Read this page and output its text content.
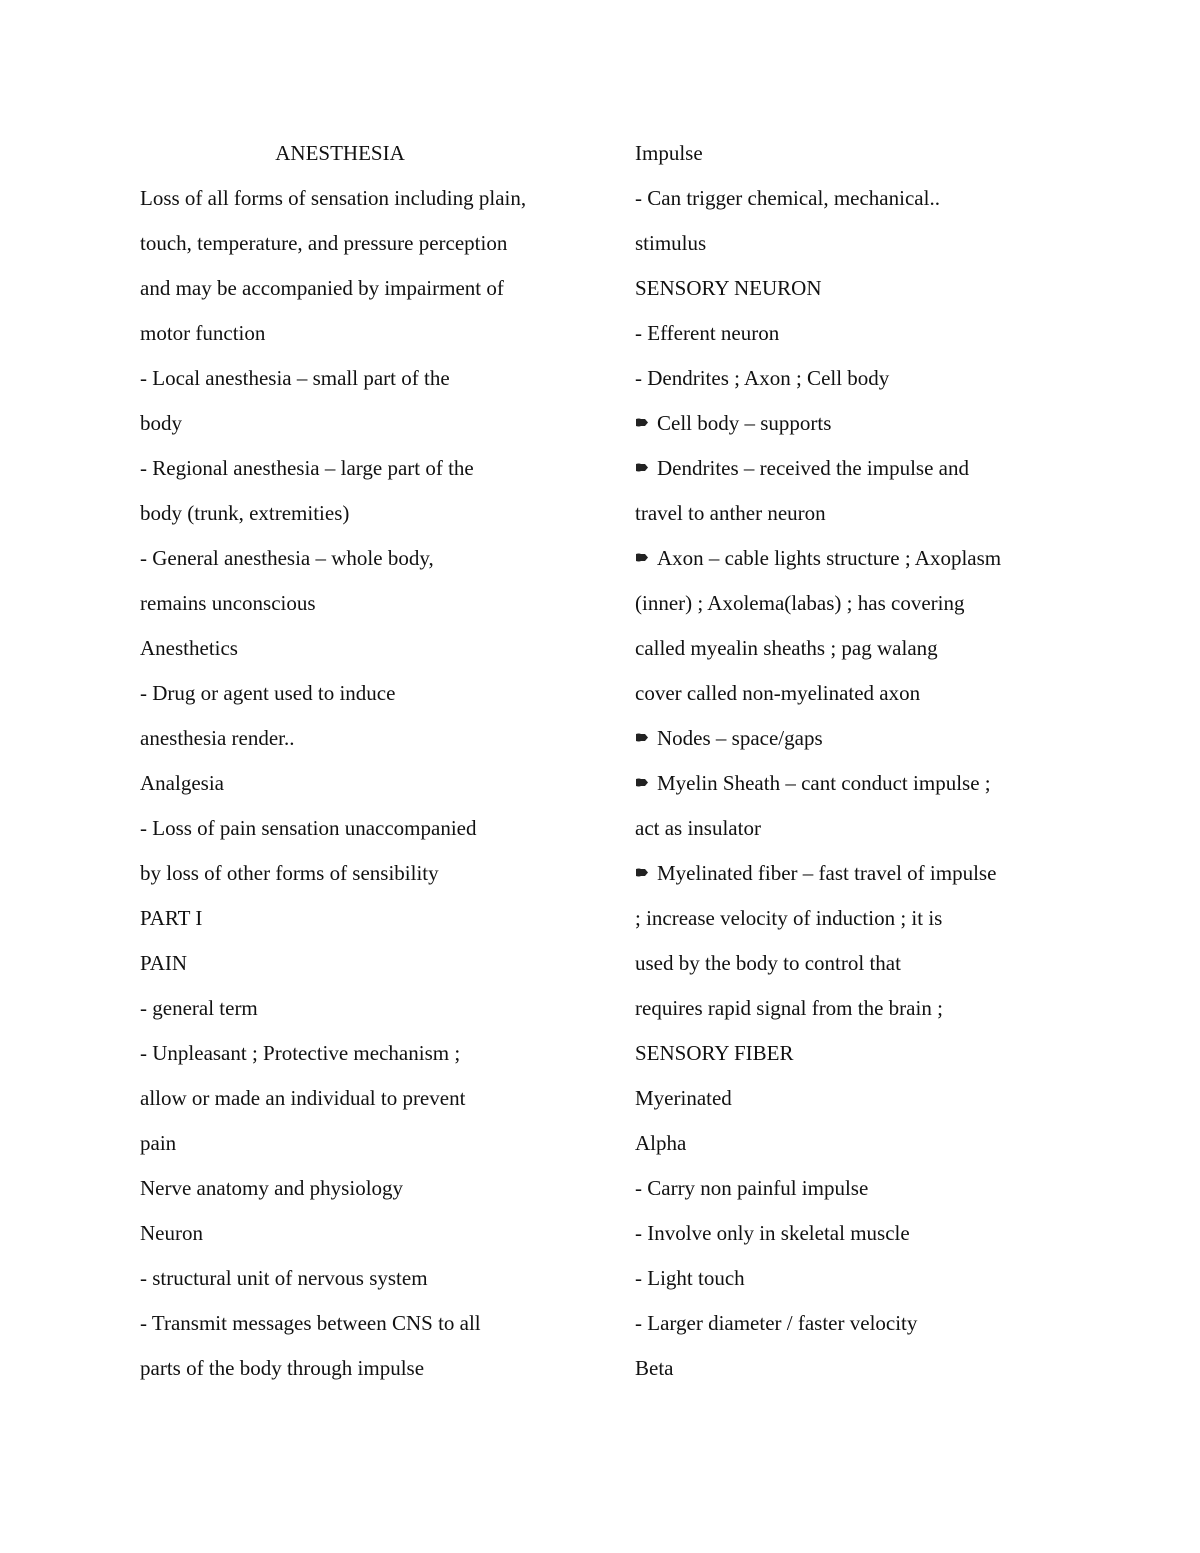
ANESTHESIA
Loss of all forms of sensation including plain,
touch, temperature, and pressure perception
and may be accompanied by impairment of
motor function
- Local anesthesia – small part of the
body
- Regional anesthesia – large part of the
body (trunk, extremities)
- General anesthesia – whole body,
remains unconscious
Anesthetics
- Drug or agent used to induce
anesthesia render..
Analgesia
- Loss of pain sensation unaccompanied
by loss of other forms of sensibility
PART I
PAIN
- general term
- Unpleasant ; Protective mechanism ;
allow or made an individual to prevent
pain
Nerve anatomy and physiology
Neuron
- structural unit of nervous system
- Transmit messages between CNS to all
parts of the body through impulse
Impulse
- Can trigger chemical, mechanical..
stimulus
SENSORY NEURON
- Efferent neuron
- Dendrites ; Axon ; Cell body
Cell body – supports
Dendrites – received the impulse and
travel to anther neuron
Axon – cable lights structure ; Axoplasm
(inner) ; Axolema(labas) ; has covering
called myealin sheaths ; pag walang
cover called non-myelinated axon
Nodes – space/gaps
Myelin Sheath – cant conduct impulse ;
act as insulator
Myelinated fiber – fast travel of impulse
; increase velocity of induction ; it is
used by the body to control that
requires rapid signal from the brain ;
SENSORY FIBER
Myerinated
Alpha
- Carry non painful impulse
- Involve only in skeletal muscle
- Light touch
- Larger diameter / faster velocity
Beta
